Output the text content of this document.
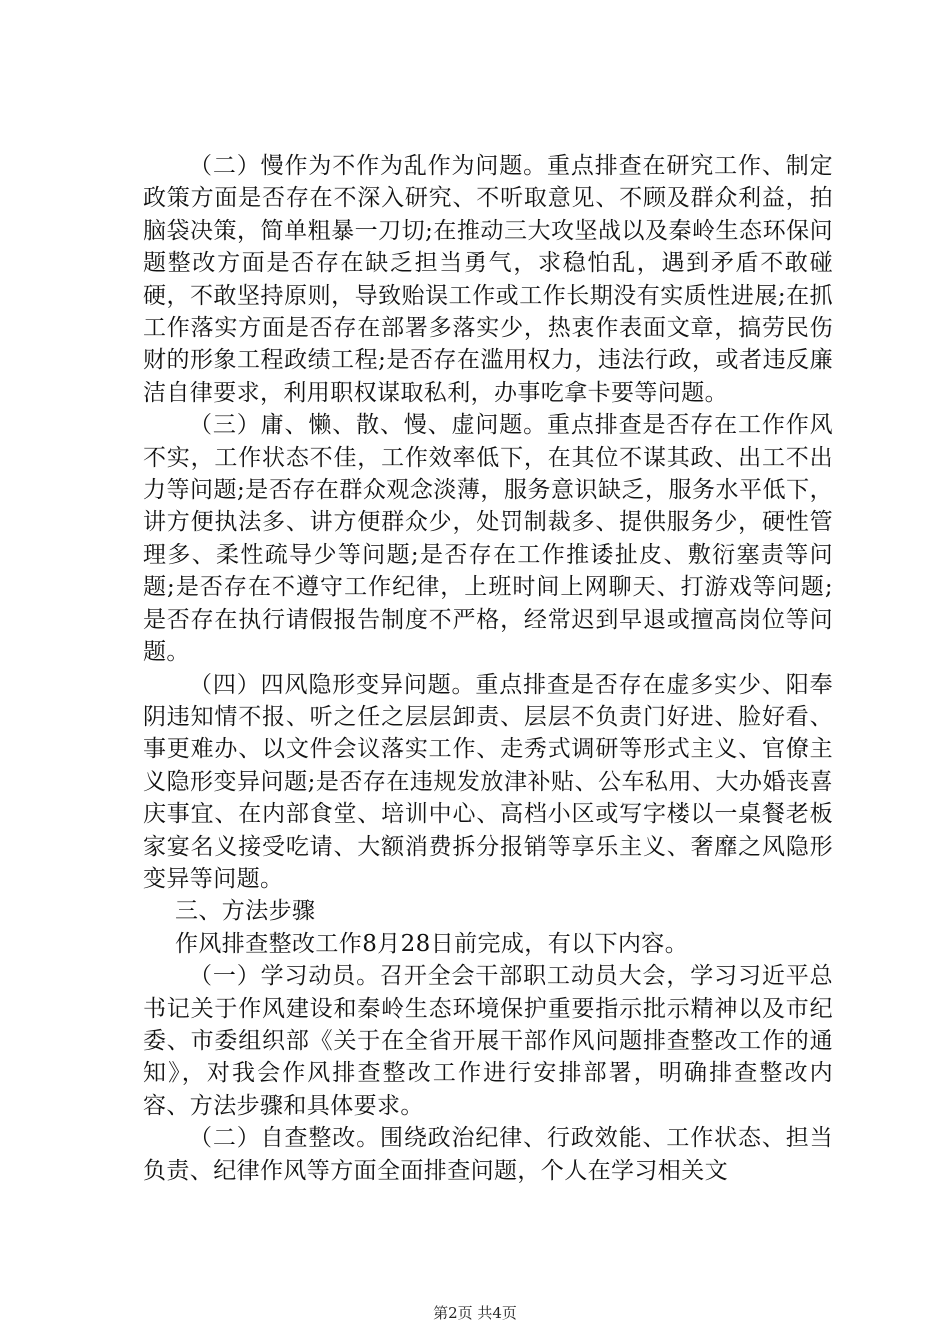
（二）慢作为不作为乱作为问题。重点排查在研究工作、制定政策方面是否存在不深入研究、不听取意见、不顾及群众利益，拍脑袋决策，简单粗暴一刀切;在推动三大攻坚战以及秦岭生态环保问题整改方面是否存在缺乏担当勇气，求稳怕乱，遇到矛盾不敢碰硬，不敢坚持原则，导致贻误工作或工作长期没有实质性进展;在抓工作落实方面是否存在部署多落实少，热衷作表面文章，搞劳民伤财的形象工程政绩工程;是否存在滥用权力，违法行政，或者违反廉洁自律要求，利用职权谋取私利，办事吃拿卡要等问题。

（三）庸、懒、散、慢、虚问题。重点排查是否存在工作作风不实，工作状态不佳，工作效率低下，在其位不谋其政、出工不出力等问题;是否存在群众观念淡薄，服务意识缺乏，服务水平低下，讲方便执法多、讲方便群众少，处罚制裁多、提供服务少，硬性管理多、柔性疏导少等问题;是否存在工作推诿扯皮、敷衍塞责等问题;是否存在不遵守工作纪律，上班时间上网聊天、打游戏等问题;是否存在执行请假报告制度不严格，经常迟到早退或擅高岗位等问题。

（四）四风隐形变异问题。重点排查是否存在虚多实少、阳奉阴违知情不报、听之任之层层卸责、层层不负责门好进、脸好看、事更难办、以文件会议落实工作、走秀式调研等形式主义、官僚主义隐形变异问题;是否存在违规发放津补贴、公车私用、大办婚丧喜庆事宜、在内部食堂、培训中心、高档小区或写字楼以一桌餐老板家宴名义接受吃请、大额消费拆分报销等享乐主义、奢靡之风隐形变异等问题。

三、方法步骤

作风排查整改工作8月28日前完成，有以下内容。

（一）学习动员。召开全会干部职工动员大会，学习习近平总书记关于作风建设和秦岭生态环境保护重要指示批示精神以及市纪委、市委组织部《关于在全省开展干部作风问题排查整改工作的通知》，对我会作风排查整改工作进行安排部署，明确排查整改内容、方法步骤和具体要求。

（二）自查整改。围绕政治纪律、行政效能、工作状态、担当负责、纪律作风等方面全面排查问题，个人在学习相关文

第2页 共4页
